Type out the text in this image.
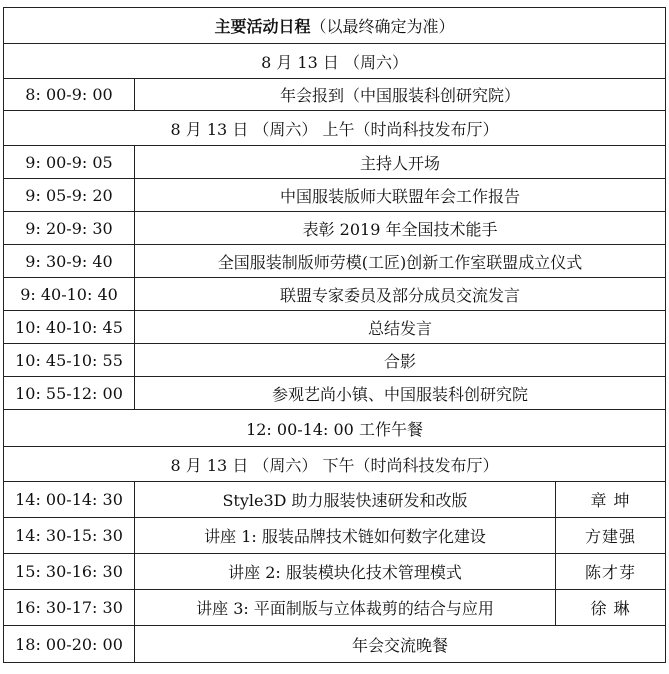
主要活动日程（以最终确定为准）		
8 月 13 日 （周六）		
8: 00-9: 00	年会报到（中国服装科创研究院）	
8 月 13 日 （周六） 上午（时尚科技发布厅）		
9: 00-9: 05	主持人开场	
9: 05-9: 20	中国服装版师大联盟年会工作报告	
9: 20-9: 30	表彰 2019 年全国技术能手	
9: 30-9: 40	全国服装制版师劳模(工匠)创新工作室联盟成立仪式	
9: 40-10: 40	联盟专家委员及部分成员交流发言	
10: 40-10: 45	总结发言	
10: 45-10: 55	合影	
10: 55-12: 00	参观艺尚小镇、中国服装科创研究院	
12: 00-14: 00 工作午餐		
8 月 13 日 （周六） 下午（时尚科技发布厅）		
14: 00-14: 30	Style3D 助力服装快速研发和改版	章 坤
14: 30-15: 30	讲座 1: 服装品牌技术链如何数字化建设	方建强
15: 30-16: 30	讲座 2: 服装模块化技术管理模式	陈才芽
16: 30-17: 30	讲座 3: 平面制版与立体裁剪的结合与应用	徐 琳
18: 00-20: 00	年会交流晚餐	
